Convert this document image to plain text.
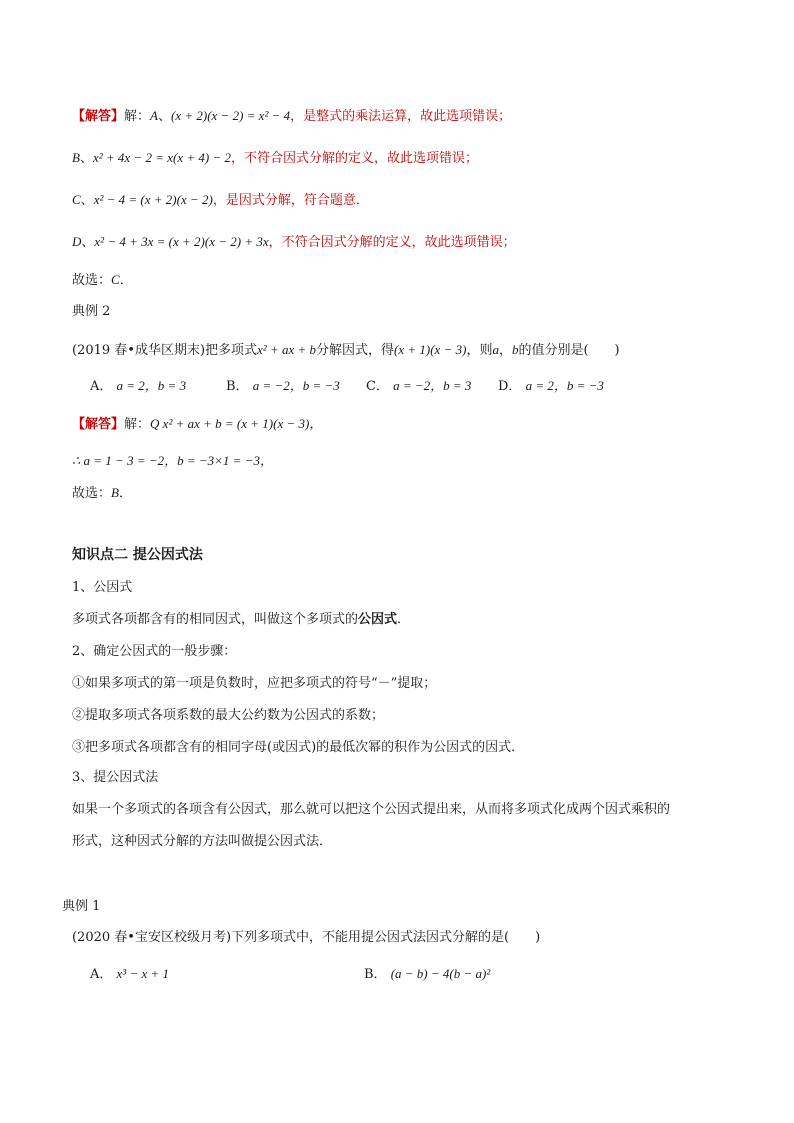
【解答】解：A、(x + 2)(x − 2) = x² − 4，是整式的乘法运算，故此选项错误；
B、x² + 4x − 2 = x(x + 4) − 2，不符合因式分解的定义，故此选项错误；
C、x² − 4 = (x + 2)(x − 2)，是因式分解，符合题意．
D、x² − 4 + 3x = (x + 2)(x − 2) + 3x，不符合因式分解的定义，故此选项错误；
故选：C．
典例 2
(2019 春•成华区期末)把多项式x² + ax + b分解因式，得(x + 1)(x − 3)，则a，b的值分别是(　　)
A． a = 2，b = 3	B． a = −2，b = −3 C． a = −2，b = 3 D． a = 2，b = −3
【解答】解：Q x² + ax + b = (x + 1)(x − 3)，
∴ a = 1 − 3 = −2，b = −3×1 = −3，
故选：B．
知识点二 提公因式法
1、公因式
多项式各项都含有的相同因式，叫做这个多项式的公因式．
2、确定公因式的一般步骤：
①如果多项式的第一项是负数时，应把多项式的符号“－”提取；
②提取多项式各项系数的最大公约数为公因式的系数；
③把多项式各项都含有的相同字母(或因式)的最低次幂的积作为公因式的因式．
3、提公因式法
如果一个多项式的各项含有公因式，那么就可以把这个公因式提出来，从而将多项式化成两个因式乘积的
形式，这种因式分解的方法叫做提公因式法．
典例 1
(2020 春•宝安区校级月考)下列多项式中，不能用提公因式法因式分解的是(　　)
A． x³ − x + 1	B． (a − b) − 4(b − a)²
